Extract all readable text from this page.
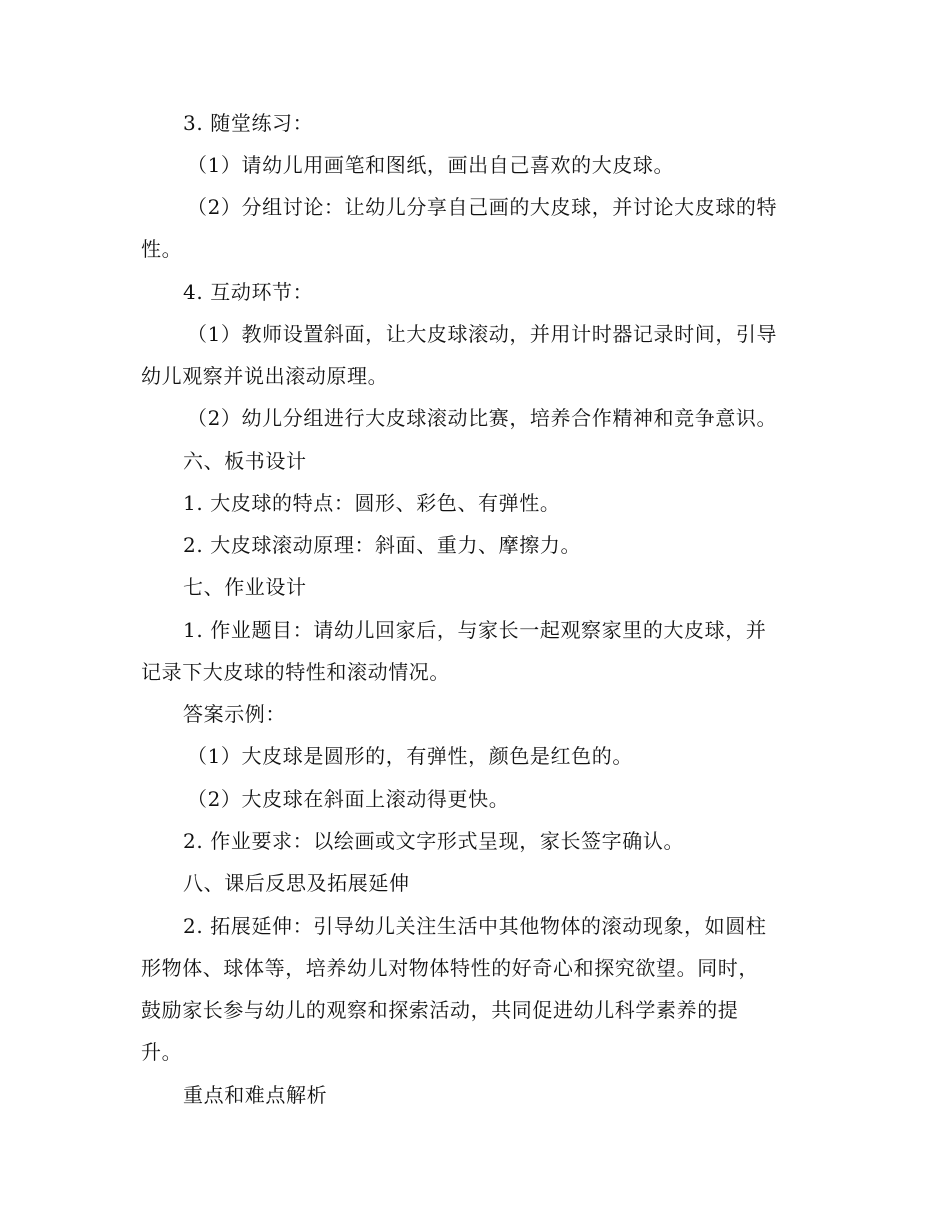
3. 随堂练习：
（1）请幼儿用画笔和图纸，画出自己喜欢的大皮球。
（2）分组讨论：让幼儿分享自己画的大皮球，并讨论大皮球的特
性。
4. 互动环节：
（1）教师设置斜面，让大皮球滚动，并用计时器记录时间，引导
幼儿观察并说出滚动原理。
（2）幼儿分组进行大皮球滚动比赛，培养合作精神和竞争意识。
六、板书设计
1. 大皮球的特点：圆形、彩色、有弹性。
2. 大皮球滚动原理：斜面、重力、摩擦力。
七、作业设计
1. 作业题目：请幼儿回家后，与家长一起观察家里的大皮球，并
记录下大皮球的特性和滚动情况。
答案示例：
（1）大皮球是圆形的，有弹性，颜色是红色的。
（2）大皮球在斜面上滚动得更快。
2. 作业要求：以绘画或文字形式呈现，家长签字确认。
八、课后反思及拓展延伸
2. 拓展延伸：引导幼儿关注生活中其他物体的滚动现象，如圆柱
形物体、球体等，培养幼儿对物体特性的好奇心和探究欲望。同时，
鼓励家长参与幼儿的观察和探索活动，共同促进幼儿科学素养的提
升。
重点和难点解析
